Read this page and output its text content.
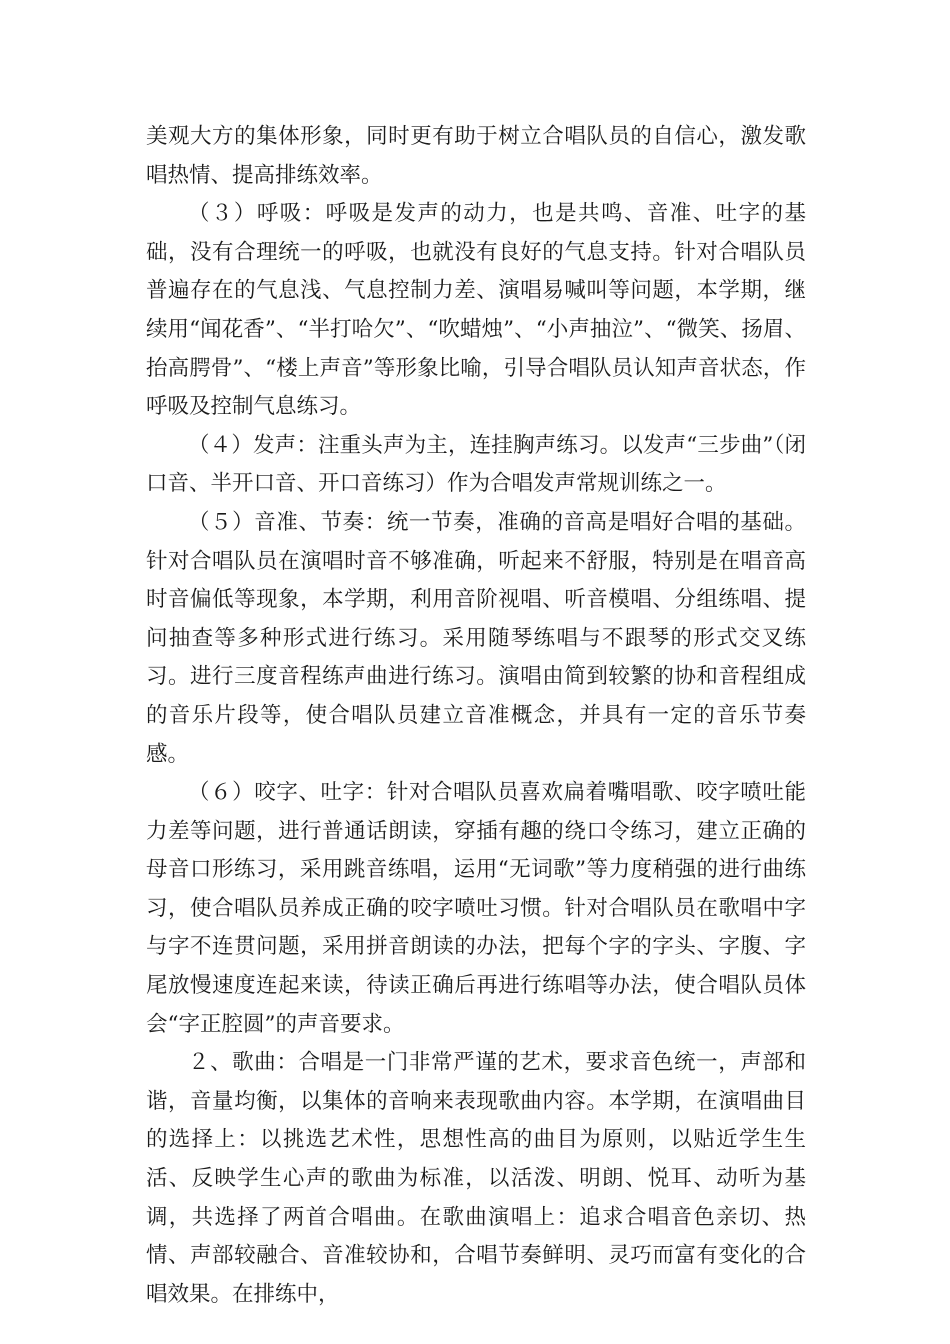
美观大方的集体形象，同时更有助于树立合唱队员的自信心，激发歌唱热情、提高排练效率。

（３）呼吸：呼吸是发声的动力，也是共鸣、音准、吐字的基础，没有合理统一的呼吸，也就没有良好的气息支持。针对合唱队员普遍存在的气息浅、气息控制力差、演唱易喊叫等问题，本学期，继续用“闻花香”、“半打哈欠”、“吹蜡烛”、“小声抽泣”、“微笑、扬眉、抬高腭骨”、“楼上声音”等形象比喻，引导合唱队员认知声音状态，作呼吸及控制气息练习。

（４）发声：注重头声为主，连挂胸声练习。以发声“三步曲”（闭口音、半开口音、开口音练习）作为合唱发声常规训练之一。

（５）音准、节奏：统一节奏，准确的音高是唱好合唱的基础。针对合唱队员在演唱时音不够准确，听起来不舒服，特别是在唱音高时音偏低等现象，本学期，利用音阶视唱、听音模唱、分组练唱、提问抽查等多种形式进行练习。采用随琴练唱与不跟琴的形式交叉练习。进行三度音程练声曲进行练习。演唱由简到较繁的协和音程组成的音乐片段等，使合唱队员建立音准概念，并具有一定的音乐节奏感。

（６）咬字、吐字：针对合唱队员喜欢扁着嘴唱歌、咬字喷吐能力差等问题，进行普通话朗读，穿插有趣的绕口令练习，建立正确的母音口形练习，采用跳音练唱，运用“无词歌”等力度稍强的进行曲练习，使合唱队员养成正确的咬字喷吐习惯。针对合唱队员在歌唱中字与字不连贯问题，采用拼音朗读的办法，把每个字的字头、字腹、字尾放慢速度连起来读，待读正确后再进行练唱等办法，使合唱队员体会“字正腔圆”的声音要求。

２、歌曲：合唱是一门非常严谨的艺术，要求音色统一，声部和谐，音量均衡，以集体的音响来表现歌曲内容。本学期，在演唱曲目的选择上：以挑选艺术性，思想性高的曲目为原则，以贴近学生生活、反映学生心声的歌曲为标准，以活泼、明朗、悦耳、动听为基调，共选择了两首合唱曲。在歌曲演唱上：追求合唱音色亲切、热情、声部较融合、音准较协和，合唱节奏鲜明、灵巧而富有变化的合唱效果。在排练中，
